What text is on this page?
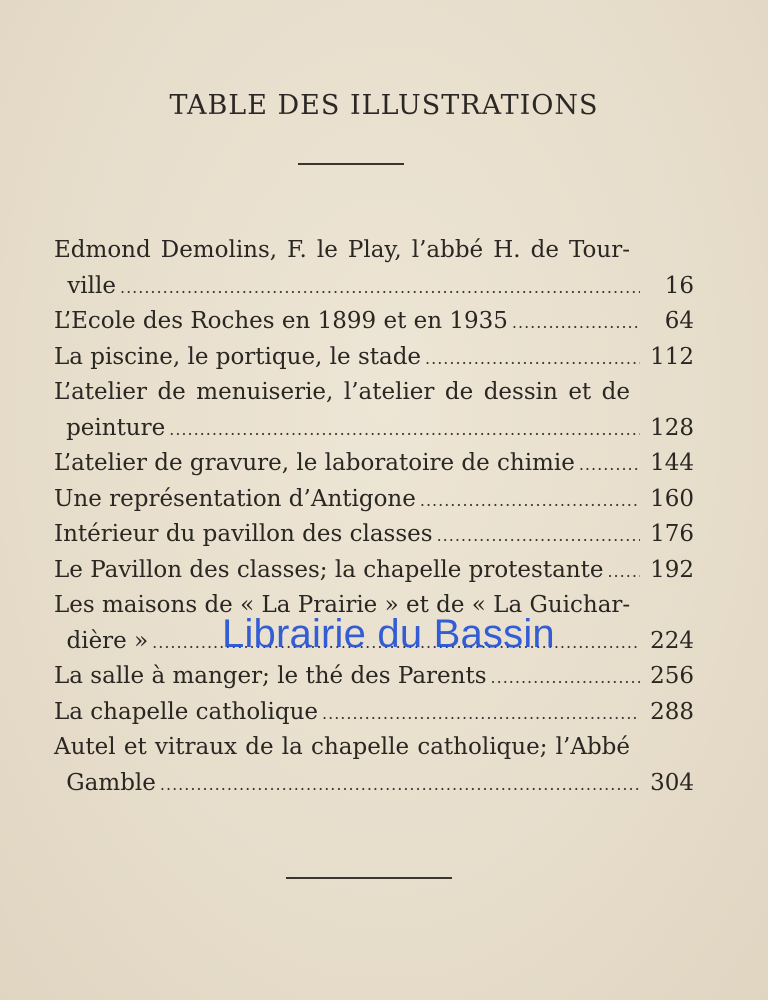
TABLE DES ILLUSTRATIONS
Edmond Demolins, F. le Play, l’abbé H. de Tour-
ville .....	16
L’Ecole des Roches en 1899 et en 1935 .....	64
La piscine, le portique, le stade .....	112
L’atelier de menuiserie, l’atelier de dessin et de
peinture .....	128
L’atelier de gravure, le laboratoire de chimie .....	144
Une représentation d’Antigone .....	160
Intérieur du pavillon des classes .....	176
Le Pavillon des classes; la chapelle protestante ..... 192
Les maisons de « La Prairie » et de « La Guichar-
dière » .....	224
La salle à manger; le thé des Parents .....	256
La chapelle catholique .....	288
Autel et vitraux de la chapelle catholique; l’Abbé
Gamble .....	304
Librairie du Bassin
